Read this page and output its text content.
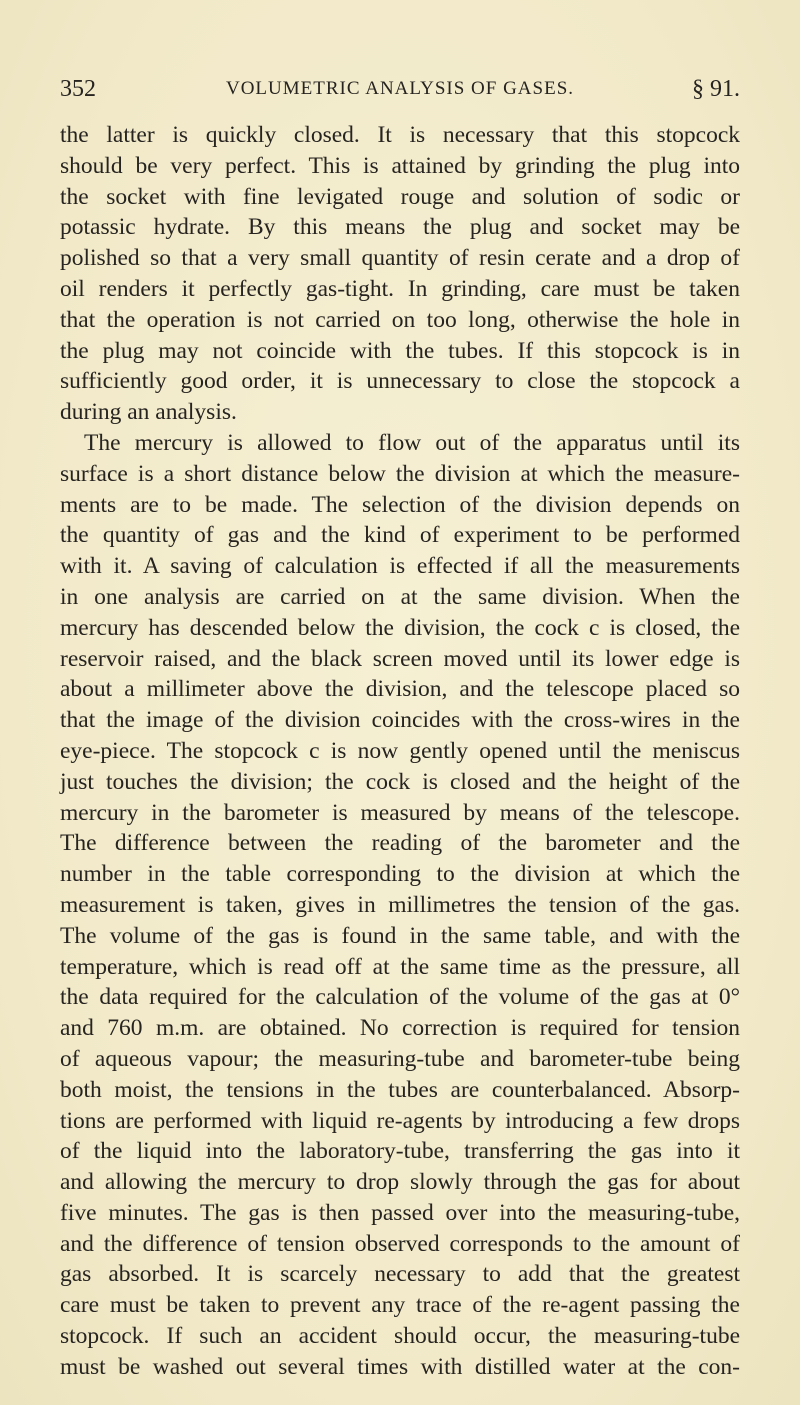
352	VOLUMETRIC ANALYSIS OF GASES.	§ 91.
the latter is quickly closed. It is necessary that this stopcock
should be very perfect. This is attained by grinding the plug into
the socket with fine levigated rouge and solution of sodic or
potassic hydrate. By this means the plug and socket may be
polished so that a very small quantity of resin cerate and a drop of
oil renders it perfectly gas-tight. In grinding, care must be taken
that the operation is not carried on too long, otherwise the hole in
the plug may not coincide with the tubes. If this stopcock is in
sufficiently good order, it is unnecessary to close the stopcock a
during an analysis.
The mercury is allowed to flow out of the apparatus until its
surface is a short distance below the division at which the measure-
ments are to be made. The selection of the division depends on
the quantity of gas and the kind of experiment to be performed
with it. A saving of calculation is effected if all the measurements
in one analysis are carried on at the same division. When the
mercury has descended below the division, the cock c is closed, the
reservoir raised, and the black screen moved until its lower edge is
about a millimeter above the division, and the telescope placed so
that the image of the division coincides with the cross-wires in the
eye-piece. The stopcock c is now gently opened until the meniscus
just touches the division; the cock is closed and the height of the
mercury in the barometer is measured by means of the telescope.
The difference between the reading of the barometer and the
number in the table corresponding to the division at which the
measurement is taken, gives in millimetres the tension of the gas.
The volume of the gas is found in the same table, and with the
temperature, which is read off at the same time as the pressure, all
the data required for the calculation of the volume of the gas at 0°
and 760 m.m. are obtained. No correction is required for tension
of aqueous vapour; the measuring-tube and barometer-tube being
both moist, the tensions in the tubes are counterbalanced. Absorp-
tions are performed with liquid re-agents by introducing a few drops
of the liquid into the laboratory-tube, transferring the gas into it
and allowing the mercury to drop slowly through the gas for about
five minutes. The gas is then passed over into the measuring-tube,
and the difference of tension observed corresponds to the amount of
gas absorbed. It is scarcely necessary to add that the greatest
care must be taken to prevent any trace of the re-agent passing the
stopcock. If such an accident should occur, the measuring-tube
must be washed out several times with distilled water at the con-
